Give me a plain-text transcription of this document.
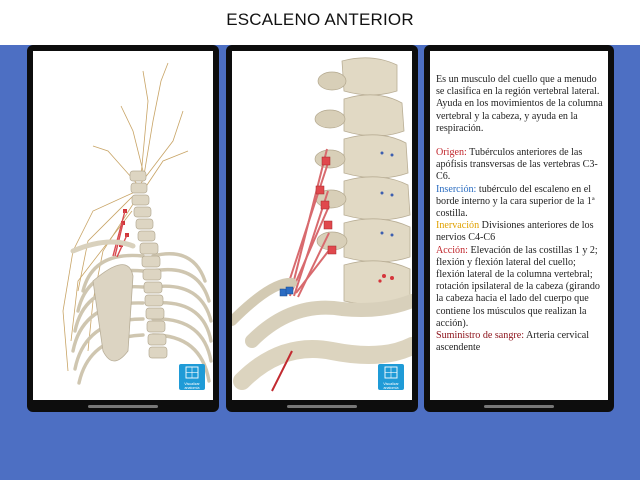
ESCALENO ANTERIOR
Visualizar anatomía
Visualizar anatomía

Es un musculo del cuello que a menudo se clasifica en la región vertebral lateral. Ayuda en los movimientos de la columna vertebral y la cabeza, y ayuda en la respiración.

Origen: Tubérculos anteriores de las apófisis transversas de las vertebras C3-C6.

Inserción: tubérculo del escaleno en el borde interno y la cara superior de la 1ª costilla.

Inervación Divisiones anteriores de los nervios C4-C6

Acción: Elevación de las costillas 1 y 2; flexión y flexión lateral del cuello; flexión lateral de la columna vertebral; rotación ipsilateral de la cabeza (girando la cabeza hacia el lado del cuerpo que contiene los músculos que realizan la acción).

Suministro de sangre: Arteria cervical ascendente
